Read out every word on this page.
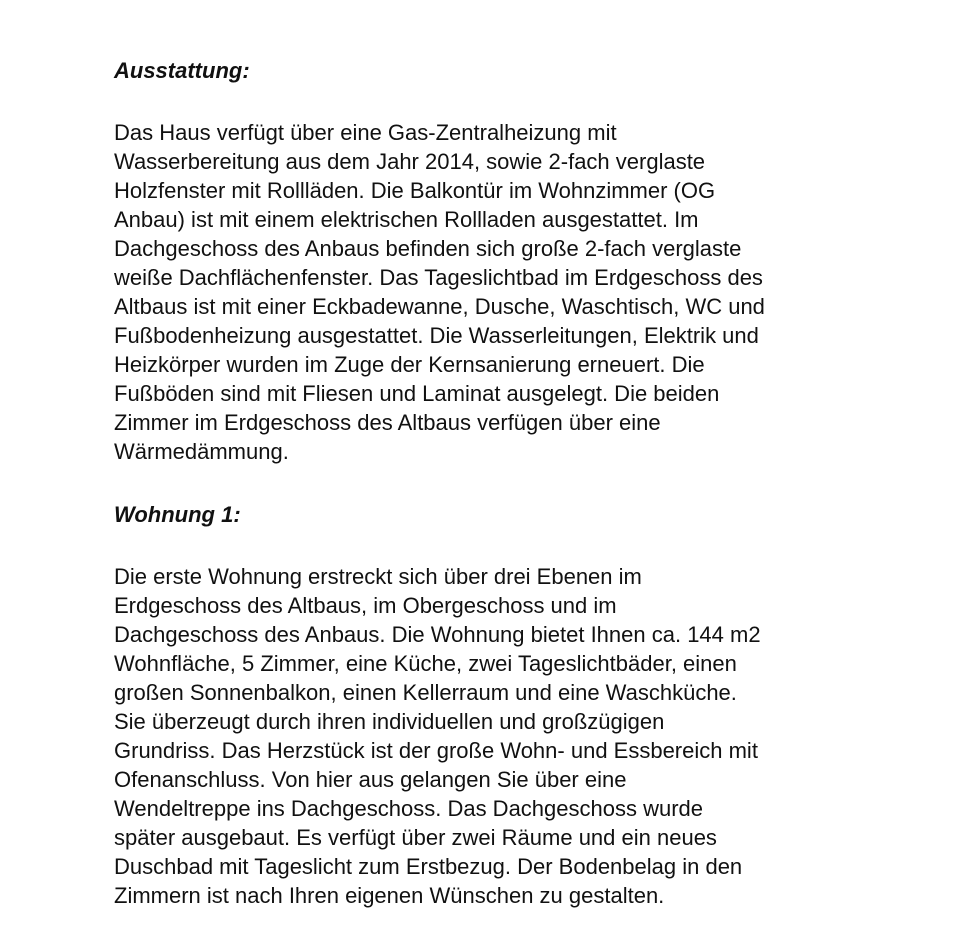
Ausstattung:

Das Haus verfügt über eine Gas-Zentralheizung mit
Wasserbereitung aus dem Jahr 2014, sowie 2-fach verglaste
Holzfenster mit Rollläden. Die Balkontür im Wohnzimmer (OG
Anbau) ist mit einem elektrischen Rollladen ausgestattet. Im
Dachgeschoss des Anbaus befinden sich große 2-fach verglaste
weiße Dachflächenfenster. Das Tageslichtbad im Erdgeschoss des
Altbaus ist mit einer Eckbadewanne, Dusche, Waschtisch, WC und
Fußbodenheizung ausgestattet. Die Wasserleitungen, Elektrik und
Heizkörper wurden im Zuge der Kernsanierung erneuert. Die
Fußböden sind mit Fliesen und Laminat ausgelegt. Die beiden
Zimmer im Erdgeschoss des Altbaus verfügen über eine
Wärmedämmung.

Wohnung 1:

Die erste Wohnung erstreckt sich über drei Ebenen im
Erdgeschoss des Altbaus, im Obergeschoss und im
Dachgeschoss des Anbaus. Die Wohnung bietet Ihnen ca. 144 m2
Wohnfläche, 5 Zimmer, eine Küche, zwei Tageslichtbäder, einen
großen Sonnenbalkon, einen Kellerraum und eine Waschküche.
Sie überzeugt durch ihren individuellen und großzügigen
Grundriss. Das Herzstück ist der große Wohn- und Essbereich mit
Ofenanschluss. Von hier aus gelangen Sie über eine
Wendeltreppe ins Dachgeschoss. Das Dachgeschoss wurde
später ausgebaut. Es verfügt über zwei Räume und ein neues
Duschbad mit Tageslicht zum Erstbezug. Der Bodenbelag in den
Zimmern ist nach Ihren eigenen Wünschen zu gestalten.
